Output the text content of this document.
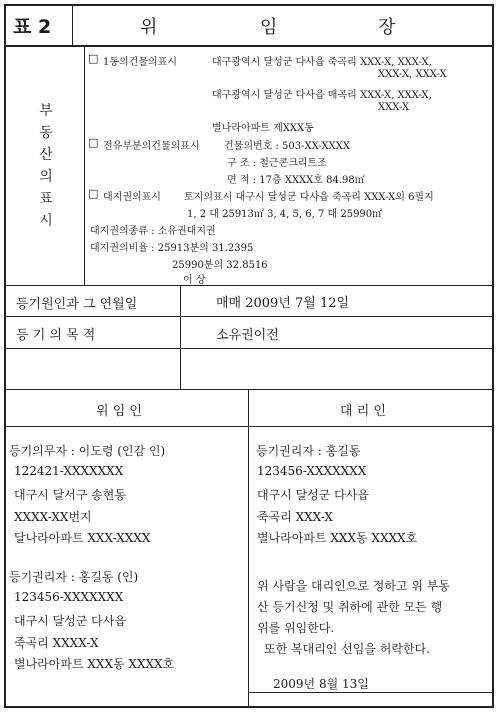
표 2	위	임	장
부
동
산
의
표
시
□ 1동의건물의표시	대구광역시 달성군 다사읍 죽곡리 XXX-X, XXX-X,
XXX-X, XXX-X
대구광역시 달성군 다사읍 매곡리 XXX-X, XXX-X,
XXX-X
별나라아파트 제XXX동
□ 전유부분의건물의표시 건물의번호 : 503-XX-XXXX
구 조 : 철근콘크리트조
면 적 : 17층 XXXX호 84.98㎡
□ 대지권의표시 토지의표시 대구시 달성군 다사읍 죽곡리 XXX-X외 6필지
1, 2 대 25913㎡ 3, 4, 5, 6, 7 대 25990㎡
대지권의종류 : 소유권대지권
대지권의비율 : 25913분의 31.2395
25990분의 32.8516
이 상
등기원인과 그 연월일	매매 2009년 7월 12일
등 기 의 목 적	소유권이전
위 임 인	대 리 인
등기의무자 : 이도령 (인감 인)
122421-XXXXXXX
대구시 달서구 송현동
XXXX-XX번지
달나라아파트 XXX-XXXX
등기권리자 : 홍길동 (인)
123456-XXXXXXX
대구시 달성군 다사읍
죽곡리 XXXX-X
별나라아파트 XXX동 XXXX호
등기권리자 : 홍길동
123456-XXXXXXX
대구시 달성군 다사읍
죽곡리 XXX-X
별나라아파트 XXX동 XXXX호
위 사람을 대리인으로 정하고 위 부동
산 등기신청 및 취하에 관한 모든 행
위를 위임한다.
또한 복대리인 선임을 허락한다.
2009년 8월 13일
